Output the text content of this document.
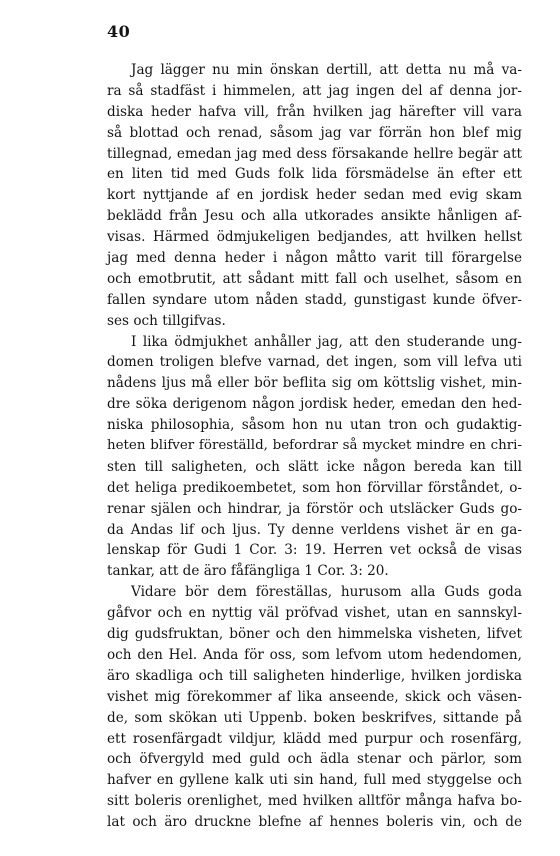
40
Jag lägger nu min önskan dertill, att detta nu må va-
ra så stadfäst i himmelen, att jag ingen del af denna jor-
diska heder hafva vill, från hvilken jag härefter vill vara
så blottad och renad, såsom jag var förrän hon blef mig
tillegnad, emedan jag med dess försakande hellre begär att
en liten tid med Guds folk lida försmädelse än efter ett
kort nyttjande af en jordisk heder sedan med evig skam
beklädd från Jesu och alla utkorades ansikte hånligen af-
visas. Härmed ödmjukeligen bedjandes, att hvilken hellst
jag med denna heder i någon måtto varit till förargelse
och emotbrutit, att sådant mitt fall och uselhet, såsom en
fallen syndare utom nåden stadd, gunstigast kunde öfver-
ses och tillgifvas.
I lika ödmjukhet anhåller jag, att den studerande ung-
domen troligen blefve varnad, det ingen, som vill lefva uti
nådens ljus må eller bör beflita sig om köttslig vishet, min-
dre söka derigenom någon jordisk heder, emedan den hed-
niska philosophia, såsom hon nu utan tron och gudaktig-
heten blifver föreställd, befordrar så mycket mindre en chri-
sten till saligheten, och slätt icke någon bereda kan till
det heliga predikoembetet, som hon förvillar förståndet, o-
renar själen och hindrar, ja förstör och utsläcker Guds go-
da Andas lif och ljus. Ty denne verldens vishet är en ga-
lenskap för Gudi 1 Cor. 3: 19. Herren vet också de visas
tankar, att de äro fåfängliga 1 Cor. 3: 20.
Vidare bör dem föreställas, hurusom alla Guds goda
gåfvor och en nyttig väl pröfvad vishet, utan en sannskyl-
dig gudsfruktan, böner och den himmelska visheten, lifvet
och den Hel. Anda för oss, som lefvom utom hedendomen,
äro skadliga och till saligheten hinderlige, hvilken jordiska
vishet mig förekommer af lika anseende, skick och väsen-
de, som skökan uti Uppenb. boken beskrifves, sittande på
ett rosenfärgadt vildjur, klädd med purpur och rosenfärg,
och öfvergyld med guld och ädla stenar och pärlor, som
hafver en gyllene kalk uti sin hand, full med styggelse och
sitt boleris orenlighet, med hvilken alltför många hafva bo-
lat och äro druckne blefne af hennes boleris vin, och de
